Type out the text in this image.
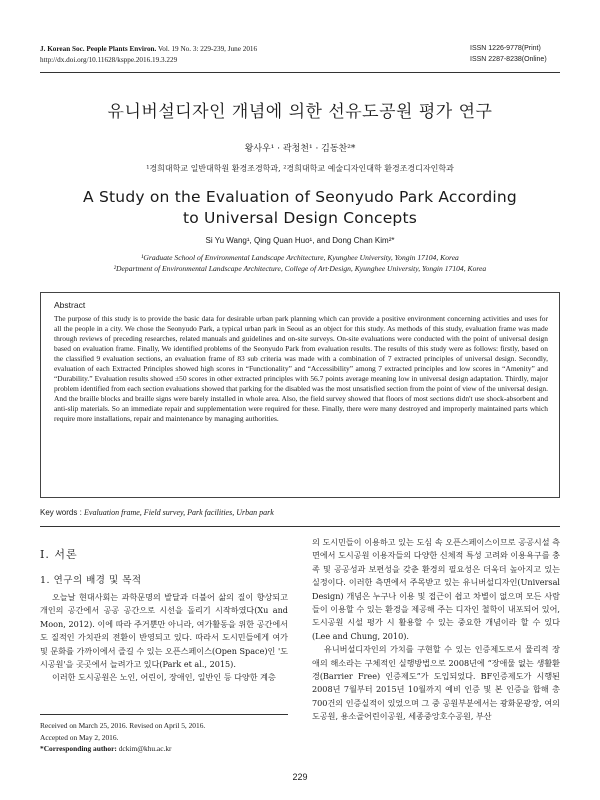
J. Korean Soc. People Plants Environ. Vol. 19 No. 3: 229-239, June 2016
http://dx.doi.org/10.11628/ksppe.2016.19.3.229
ISSN 1226-9778(Print)
ISSN 2287-8238(Online)
유니버설디자인 개념에 의한 선유도공원 평가 연구
왕사우¹ · 곽청천¹ · 김동찬²*
¹경희대학교 일반대학원 환경조경학과, ²경희대학교 예술디자인대학 환경조경디자인학과
A Study on the Evaluation of Seonyudo Park According
to Universal Design Concepts
Si Yu Wang¹, Qing Quan Huo¹, and Dong Chan Kim²*
¹Graduate School of Environmental Landscape Architecture, Kyunghee University, Yongin 17104, Korea
²Department of Environmental Landscape Architecture, College of Art·Design, Kyunghee University, Yongin 17104, Korea
Abstract
The purpose of this study is to provide the basic data for desirable urban park planning which can provide a positive environment concerning activities and uses for all the people in a city. We chose the Seonyudo Park, a typical urban park in Seoul as an object for this study. As methods of this study, evaluation frame was made through reviews of preceding researches, related manuals and guidelines and on-site surveys. On-site evaluations were conducted with the point of universal design based on evaluation frame. Finally, We identified problems of the Seonyudo Park from evaluation results. The results of this study were as follows: firstly, based on the classified 9 evaluation sections, an evaluation frame of 83 sub criteria was made with a combination of 7 extracted principles of universal design. Secondly, evaluation of each Extracted Principles showed high scores in “Functionality” and “Accessibility” among 7 extracted principles and low scores in “Amenity” and “Durability.” Evaluation results showed ±50 scores in other extracted principles with 56.7 points average meaning low in universal design adaptation. Thirdly, major problem identified from each section evaluations showed that parking for the disabled was the most unsatisfied section from the point of view of the universal design. And the braille blocks and braille signs were barely installed in whole area. Also, the field survey showed that floors of most sections didn't use shock-absorbent and anti-slip materials. So an immediate repair and supplementation were required for these. Finally, there were many destroyed and improperly maintained parts which require more installations, repair and maintenance by managing authorities.
Key words : Evaluation frame, Field survey, Park facilities, Urban park
Ⅰ. 서론
1. 연구의 배경 및 목적

오늘날 현대사회는 과학문명의 발달과 더불어 삶의 질이 향상되고 개인의 공간에서 공공 공간으로 시선을 돌리기 시작하였다(Xu and Moon, 2012). 이에 따라 주거뿐만 아니라, 여가활동을 위한 공간에서도 질적인 가치관의 전환이 반영되고 있다. 따라서 도시민들에게 여가 및 문화를 가까이에서 즐길 수 있는 오픈스페이스(Open Space)인 '도시공원'을 곳곳에서 늘려가고 있다(Park et al., 2015).

이러한 도시공원은 노인, 어린이, 장애인, 일반인 등 다양한 계층

의 도시민들이 이용하고 있는 도심 속 오픈스페이스이므로 공공시설 측면에서 도시공원 이용자들의 다양한 신체적 특성 고려와 이용욕구를 충족 및 공공성과 보편성을 갖춘 환경의 필요성은 더욱더 높아지고 있는 실정이다. 이러한 측면에서 주목받고 있는 유니버설디자인(Universal Design) 개념은 누구나 이용 및 접근이 쉽고 차별이 없으며 모든 사람들이 이용할 수 있는 환경을 제공해 주는 디자인 철학이 내포되어 있어, 도시공원 시설 평가 시 활용할 수 있는 중요한 개념이라 할 수 있다(Lee and Chung, 2010).

유니버설디자인의 가치를 구현할 수 있는 인증제도로서 물리적 장애의 해소라는 구체적인 실행방법으로 2008년에 “장애물 없는 생활환경(Barrier Free) 인증제도”가 도입되었다. BF인증제도가 시행된 2008년 7월부터 2015년 10월까지 예비 인증 및 본 인증을 합해 총 700건의 인증실적이 있었으며 그 중 공원부분에서는 광화문광장, 여의도공원, 용소골어린이공원, 세종중앙호수공원, 부산

Received on March 25, 2016. Revised on April 5, 2016.
Accepted on May 2, 2016.
*Corresponding author: dckim@khu.ac.kr
229
